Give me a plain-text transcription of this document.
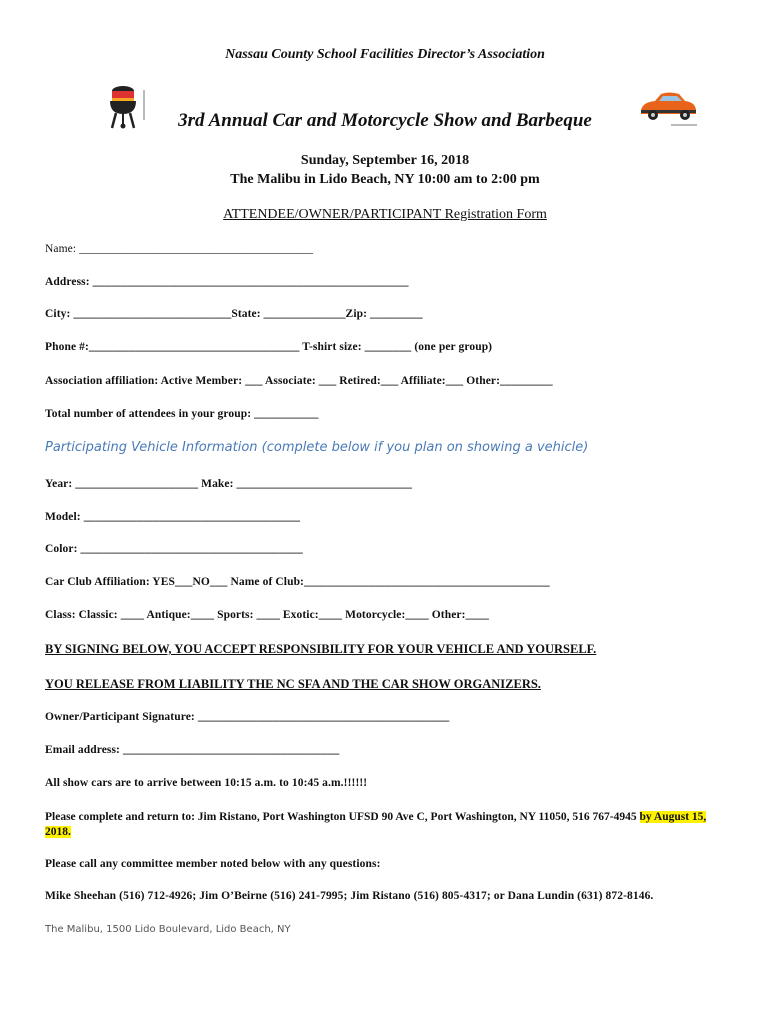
Nassau County School Facilities Director’s Association
3rd Annual Car and Motorcycle Show and Barbeque
Sunday, September 16, 2018
The Malibu in Lido Beach, NY 10:00 am to 2:00 pm
ATTENDEE/OWNER/PARTICIPANT Registration Form
Name: ________________________________________
Address: ______________________________________________________
City: ___________________________State: ______________Zip: _________
Phone #:____________________________________ T-shirt size: ________ (one per group)
Association affiliation: Active Member: ___ Associate: ___ Retired:___ Affiliate:___ Other:_________
Total number of attendees in your group: ___________
Participating Vehicle Information (complete below if you plan on showing a vehicle)
Year: _____________________ Make: ______________________________
Model: _____________________________________
Color: ______________________________________
Car Club Affiliation: YES___NO___ Name of Club:__________________________________________
Class: Classic: ____ Antique:____ Sports: ____ Exotic:____ Motorcycle:____ Other:____
BY SIGNING BELOW, YOU ACCEPT RESPONSIBILITY FOR YOUR VEHICLE AND YOURSELF.
YOU RELEASE FROM LIABILITY THE NC SFA AND THE CAR SHOW ORGANIZERS.
Owner/Participant Signature: ___________________________________________
Email address: _____________________________________
All show cars are to arrive between 10:15 a.m. to 10:45 a.m.!!!!!!
Please complete and return to: Jim Ristano, Port Washington UFSD 90 Ave C, Port Washington, NY 11050, 516 767-4945 by August 15, 2018.
Please call any committee member noted below with any questions:
Mike Sheehan (516) 712-4926; Jim O’Beirne (516) 241-7995; Jim Ristano (516) 805-4317; or Dana Lundin (631) 872-8146.
The Malibu, 1500 Lido Boulevard, Lido Beach, NY
